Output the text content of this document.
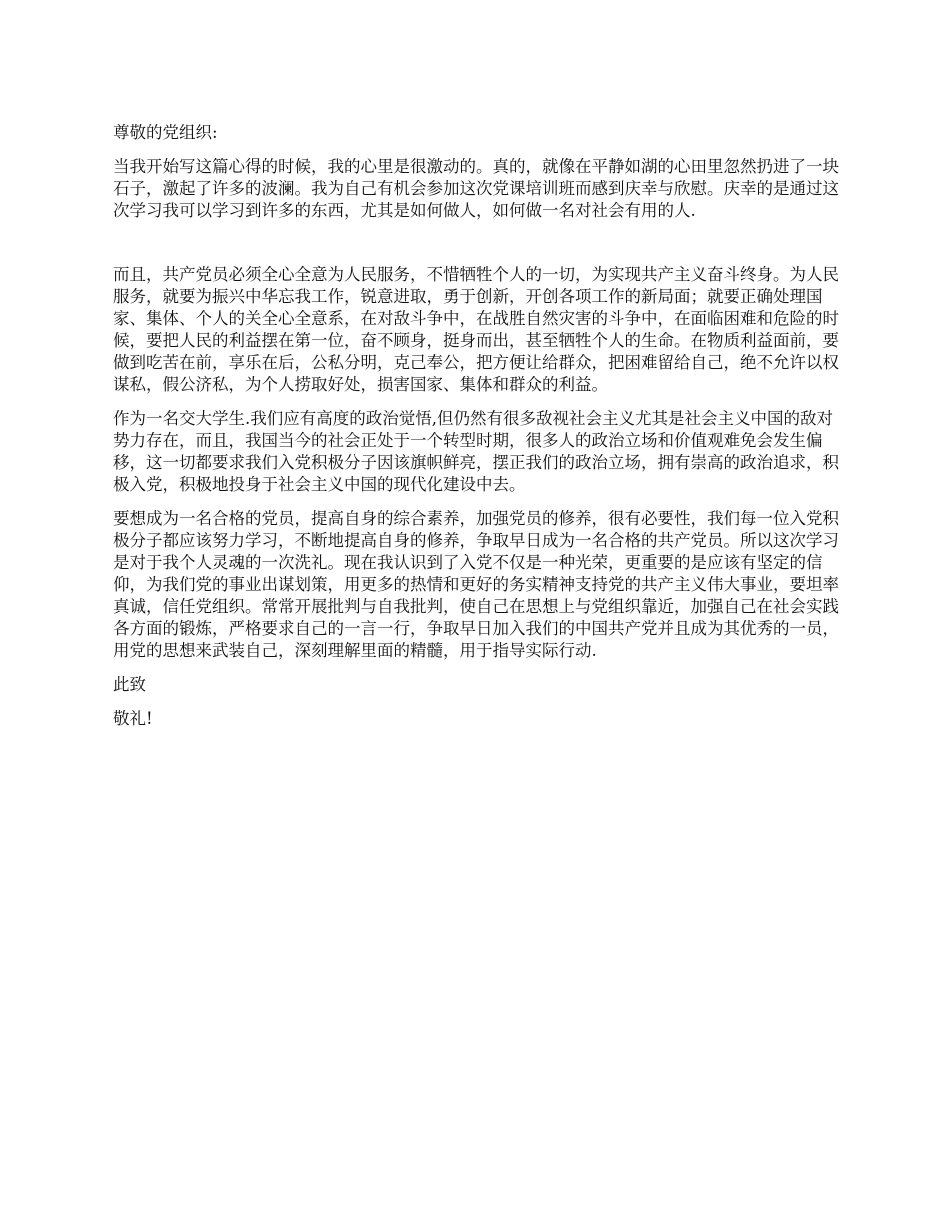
尊敬的党组织:

当我开始写这篇心得的时候，我的心里是很激动的。真的，就像在平静如湖的心田里忽然扔进了一块石子，激起了许多的波澜。我为自己有机会参加这次党课培训班而感到庆幸与欣慰。庆幸的是通过这次学习我可以学习到许多的东西，尤其是如何做人，如何做一名对社会有用的人.

而且，共产党员必须全心全意为人民服务，不惜牺牲个人的一切，为实现共产主义奋斗终身。为人民服务，就要为振兴中华忘我工作，锐意进取，勇于创新，开创各项工作的新局面；就要正确处理国家、集体、个人的关全心全意系，在对敌斗争中，在战胜自然灾害的斗争中，在面临困难和危险的时候，要把人民的利益摆在第一位，奋不顾身，挺身而出，甚至牺牲个人的生命。在物质利益面前，要做到吃苦在前，享乐在后，公私分明，克己奉公，把方便让给群众，把困难留给自己，绝不允许以权谋私，假公济私，为个人捞取好处，损害国家、集体和群众的利益。

作为一名交大学生.我们应有高度的政治觉悟,但仍然有很多敌视社会主义尤其是社会主义中国的敌对势力存在，而且，我国当今的社会正处于一个转型时期，很多人的政治立场和价值观难免会发生偏移，这一切都要求我们入党积极分子因该旗帜鲜亮，摆正我们的政治立场，拥有崇高的政治追求，积极入党，积极地投身于社会主义中国的现代化建设中去。

要想成为一名合格的党员，提高自身的综合素养，加强党员的修养，很有必要性，我们每一位入党积极分子都应该努力学习，不断地提高自身的修养，争取早日成为一名合格的共产党员。所以这次学习是对于我个人灵魂的一次洗礼。现在我认识到了入党不仅是一种光荣，更重要的是应该有坚定的信仰，为我们党的事业出谋划策，用更多的热情和更好的务实精神支持党的共产主义伟大事业，要坦率真诚，信任党组织。常常开展批判与自我批判，使自己在思想上与党组织靠近，加强自己在社会实践各方面的锻炼，严格要求自己的一言一行，争取早日加入我们的中国共产党并且成为其优秀的一员，用党的思想来武装自己，深刻理解里面的精髓，用于指导实际行动.

此致

敬礼!
